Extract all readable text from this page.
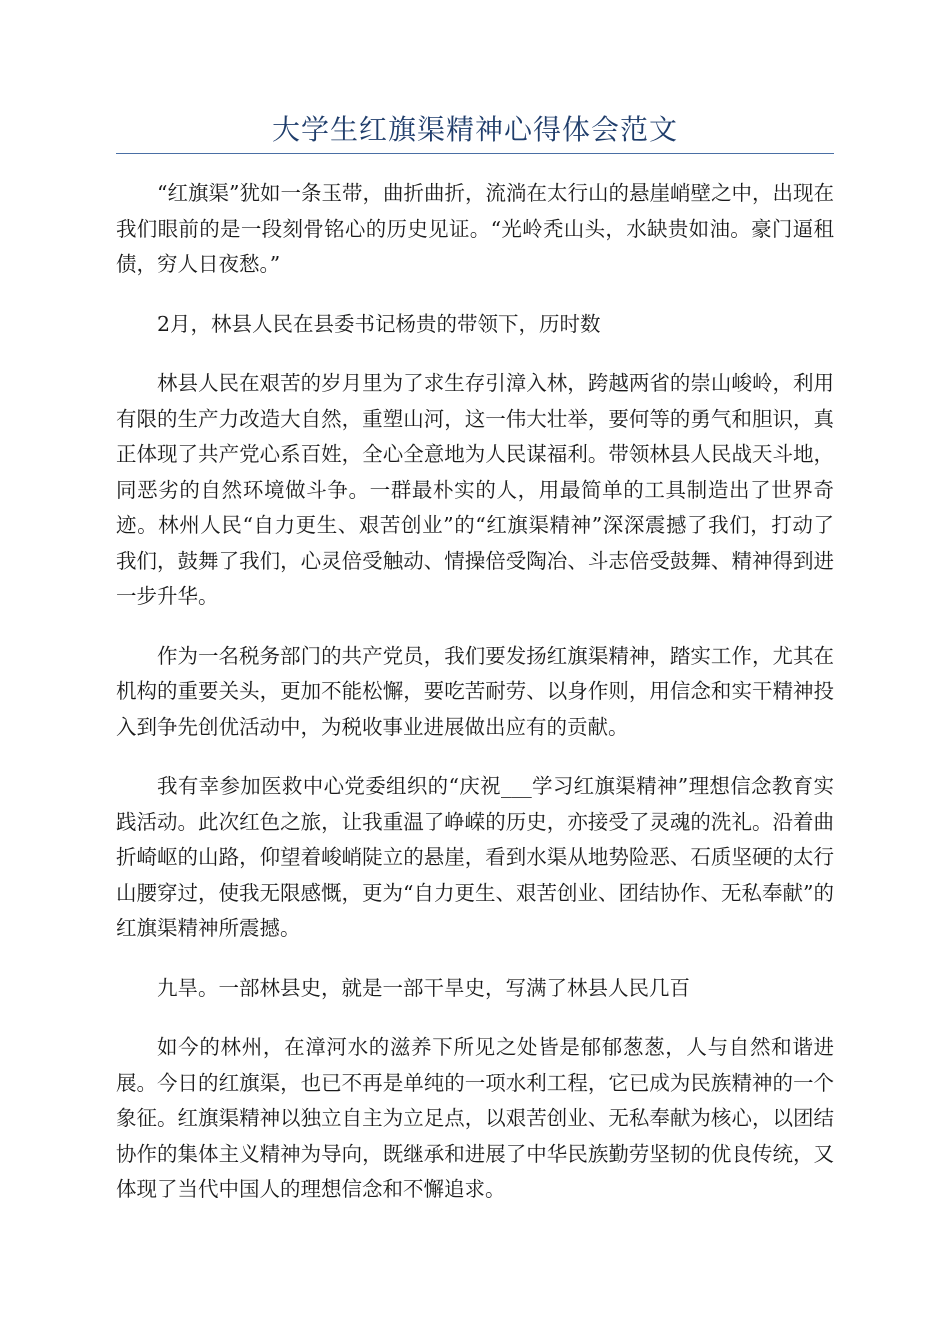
大学生红旗渠精神心得体会范文

“红旗渠”犹如一条玉带，曲折曲折，流淌在太行山的悬崖峭壁之中，出现在我们眼前的是一段刻骨铭心的历史见证。“光岭秃山头，水缺贵如油。豪门逼租债，穷人日夜愁。”

2月，林县人民在县委书记杨贵的带领下，历时数

林县人民在艰苦的岁月里为了求生存引漳入林，跨越两省的崇山峻岭，利用有限的生产力改造大自然，重塑山河，这一伟大壮举，要何等的勇气和胆识，真正体现了共产党心系百姓，全心全意地为人民谋福利。带领林县人民战天斗地，同恶劣的自然环境做斗争。一群最朴实的人，用最简单的工具制造出了世界奇迹。林州人民“自力更生、艰苦创业”的“红旗渠精神”深深震撼了我们，打动了我们，鼓舞了我们，心灵倍受触动、情操倍受陶冶、斗志倍受鼓舞、精神得到进一步升华。

作为一名税务部门的共产党员，我们要发扬红旗渠精神，踏实工作，尤其在机构的重要关头，更加不能松懈，要吃苦耐劳、以身作则，用信念和实干精神投入到争先创优活动中，为税收事业进展做出应有的贡献。

我有幸参加医救中心党委组织的“庆祝___学习红旗渠精神”理想信念教育实践活动。此次红色之旅，让我重温了峥嵘的历史，亦接受了灵魂的洗礼。沿着曲折崎岖的山路，仰望着峻峭陡立的悬崖，看到水渠从地势险恶、石质坚硬的太行山腰穿过，使我无限感慨，更为“自力更生、艰苦创业、团结协作、无私奉献”的红旗渠精神所震撼。

九旱。一部林县史，就是一部干旱史，写满了林县人民几百

如今的林州，在漳河水的滋养下所见之处皆是郁郁葱葱，人与自然和谐进展。今日的红旗渠，也已不再是单纯的一项水利工程，它已成为民族精神的一个象征。红旗渠精神以独立自主为立足点，以艰苦创业、无私奉献为核心，以团结协作的集体主义精神为导向，既继承和进展了中华民族勤劳坚韧的优良传统，又体现了当代中国人的理想信念和不懈追求。
